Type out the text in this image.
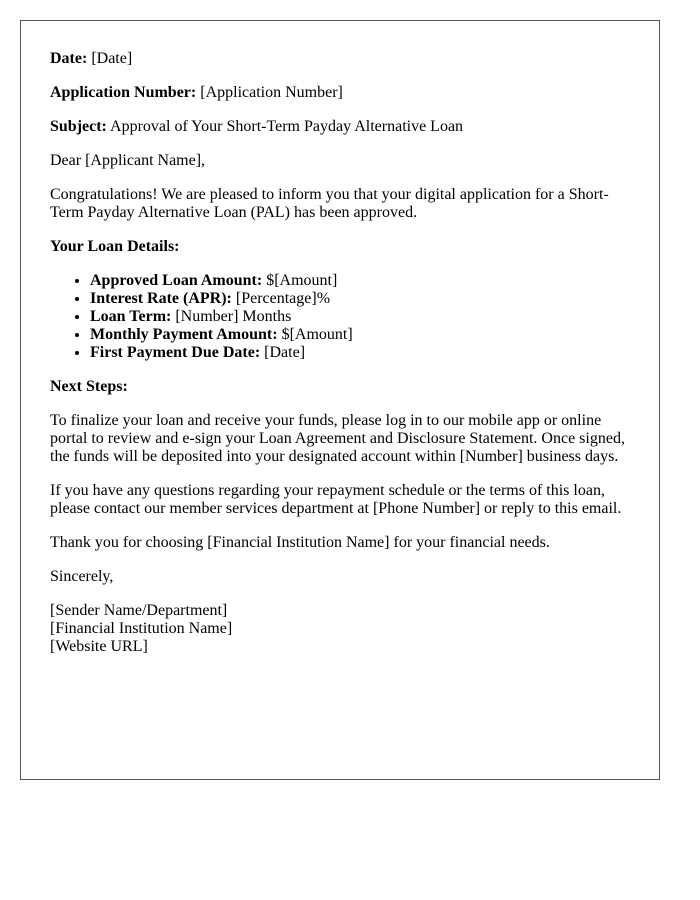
Date: [Date]

Application Number: [Application Number]

Subject: Approval of Your Short-Term Payday Alternative Loan

Dear [Applicant Name],

Congratulations! We are pleased to inform you that your digital application for a Short-Term Payday Alternative Loan (PAL) has been approved.

Your Loan Details:

• Approved Loan Amount: $[Amount]
• Interest Rate (APR): [Percentage]%
• Loan Term: [Number] Months
• Monthly Payment Amount: $[Amount]
• First Payment Due Date: [Date]

Next Steps:

To finalize your loan and receive your funds, please log in to our mobile app or online portal to review and e-sign your Loan Agreement and Disclosure Statement. Once signed, the funds will be deposited into your designated account within [Number] business days.

If you have any questions regarding your repayment schedule or the terms of this loan, please contact our member services department at [Phone Number] or reply to this email.

Thank you for choosing [Financial Institution Name] for your financial needs.

Sincerely,

[Sender Name/Department]
[Financial Institution Name]
[Website URL]
